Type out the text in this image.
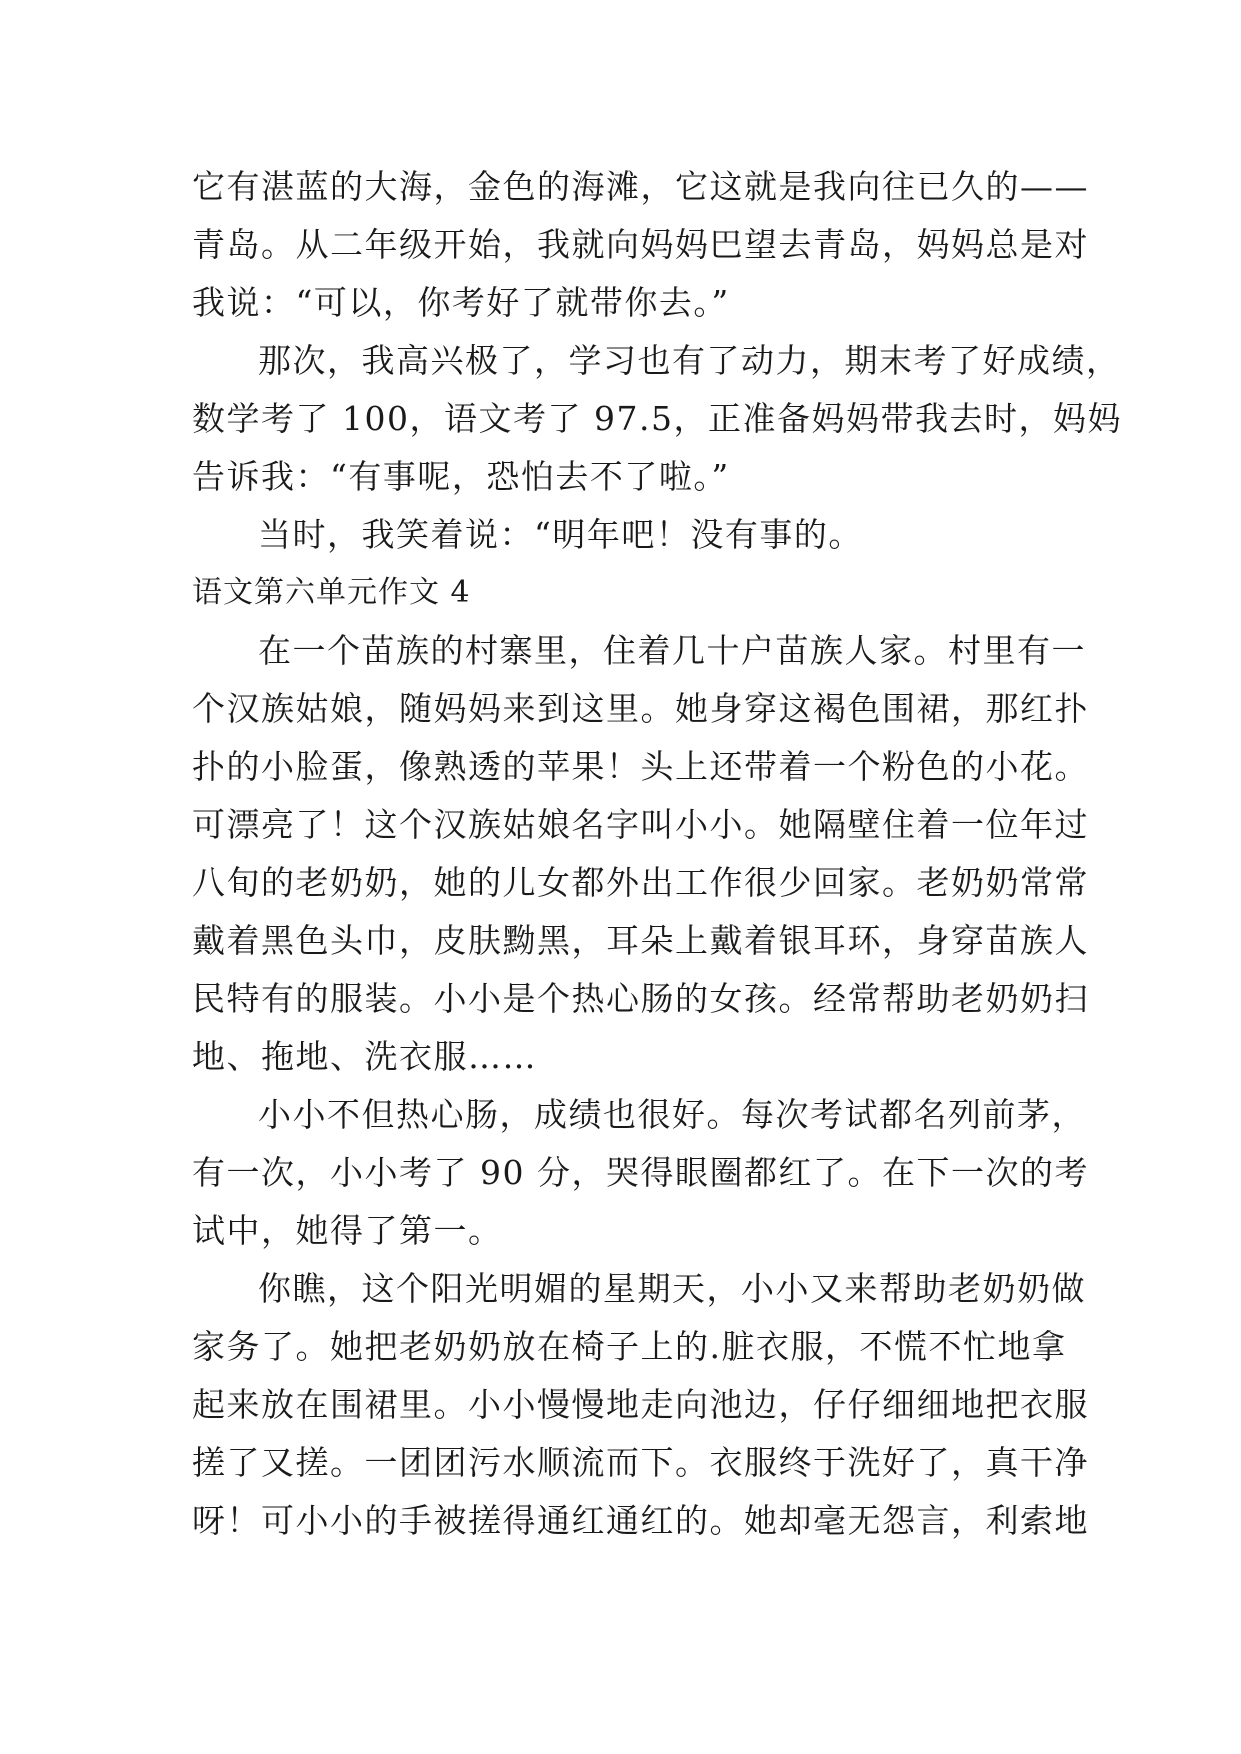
它有湛蓝的大海，金色的海滩，它这就是我向往已久的——
青岛。从二年级开始，我就向妈妈巴望去青岛，妈妈总是对
我说：“可以，你考好了就带你去。”
那次，我高兴极了，学习也有了动力，期末考了好成绩，
数学考了 100，语文考了 97.5，正准备妈妈带我去时，妈妈
告诉我：“有事呢，恐怕去不了啦。”
当时，我笑着说：“明年吧！没有事的。
语文第六单元作文 4
在一个苗族的村寨里，住着几十户苗族人家。村里有一
个汉族姑娘，随妈妈来到这里。她身穿这褐色围裙，那红扑
扑的小脸蛋，像熟透的苹果！头上还带着一个粉色的小花。
可漂亮了！这个汉族姑娘名字叫小小。她隔壁住着一位年过
八旬的老奶奶，她的儿女都外出工作很少回家。老奶奶常常
戴着黑色头巾，皮肤黝黑，耳朵上戴着银耳环，身穿苗族人
民特有的服装。小小是个热心肠的女孩。经常帮助老奶奶扫
地、拖地、洗衣服……
小小不但热心肠，成绩也很好。每次考试都名列前茅，
有一次，小小考了 90 分，哭得眼圈都红了。在下一次的考
试中，她得了第一。
你瞧，这个阳光明媚的星期天，小小又来帮助老奶奶做
家务了。她把老奶奶放在椅子上的.脏衣服，不慌不忙地拿
起来放在围裙里。小小慢慢地走向池边，仔仔细细地把衣服
搓了又搓。一团团污水顺流而下。衣服终于洗好了，真干净
呀！可小小的手被搓得通红通红的。她却毫无怨言，利索地
